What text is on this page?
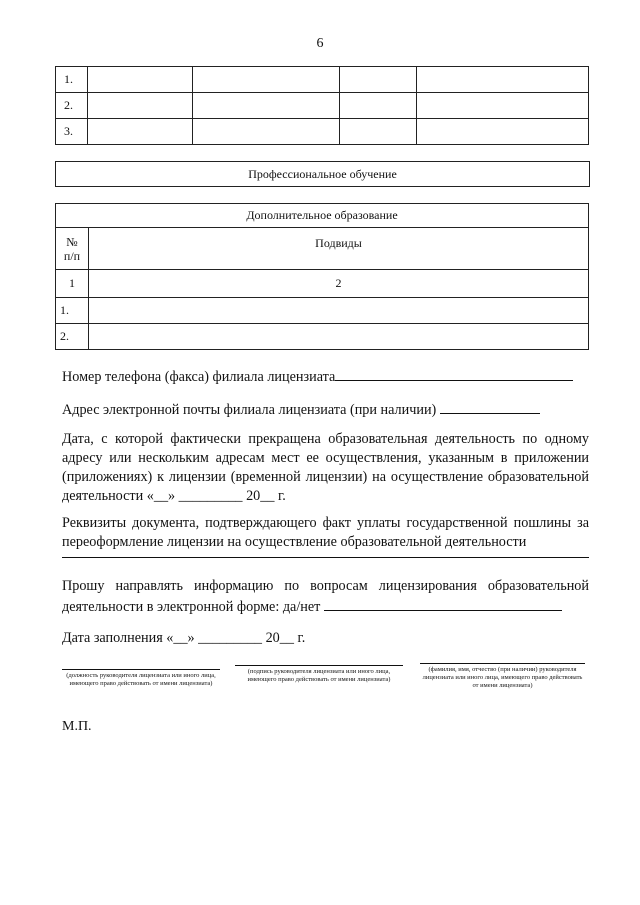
6
1.				
2.				
3.				
Профессиональное обучение
Дополнительное образование	
№
п/п	Подвиды
1	2
1.	
2.	
Номер телефона (факса) филиала лицензиата
Адрес электронной почты филиала лицензиата (при наличии)
Дата, с которой фактически прекращена образовательная деятельность по одному адресу или нескольким адресам мест ее осуществления, указанным в приложении (приложениях) к лицензии (временной лицензии) на осуществление образовательной деятельности «__» _________ 20__ г.
Реквизиты документа, подтверждающего факт уплаты государственной пошлины за переоформление лицензии на осуществление образовательной деятельности
Прошу направлять информацию по вопросам лицензирования образовательной деятельности в электронной форме: да/нет
Дата заполнения «__» _________ 20__ г.
(должность руководителя лицензиата или иного лица, имеющего право действовать от имени лицензиата)
(подпись руководителя лицензиата или иного лица, имеющего право действовать от имени лицензиата)
(фамилия, имя, отчество (при наличии) руководителя лицензиата или иного лица, имеющего право действовать от имени лицензиата)
М.П.
